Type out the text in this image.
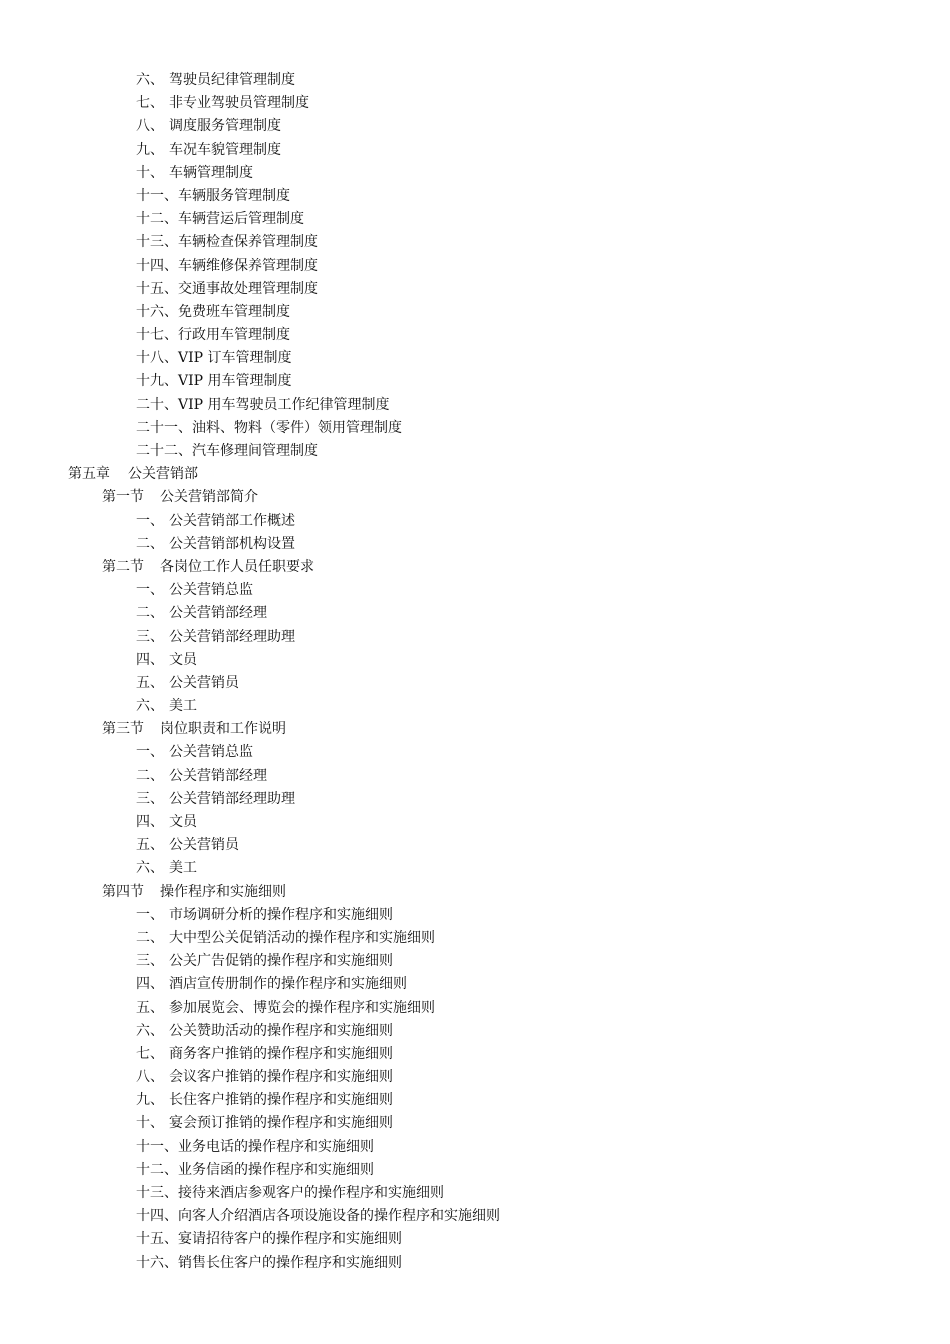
六、 驾驶员纪律管理制度
七、 非专业驾驶员管理制度
八、 调度服务管理制度
九、 车况车貌管理制度
十、 车辆管理制度
十一、车辆服务管理制度
十二、车辆营运后管理制度
十三、车辆检查保养管理制度
十四、车辆维修保养管理制度
十五、交通事故处理管理制度
十六、免费班车管理制度
十七、行政用车管理制度
十八、VIP 订车管理制度
十九、VIP 用车管理制度
二十、VIP 用车驾驶员工作纪律管理制度
二十一、油料、物料（零件）领用管理制度
二十二、汽车修理间管理制度
第五章 公关营销部
第一节 公关营销部简介
一、 公关营销部工作概述
二、 公关营销部机构设置
第二节 各岗位工作人员任职要求
一、 公关营销总监
二、 公关营销部经理
三、 公关营销部经理助理
四、 文员
五、 公关营销员
六、 美工
第三节 岗位职责和工作说明
一、 公关营销总监
二、 公关营销部经理
三、 公关营销部经理助理
四、 文员
五、 公关营销员
六、 美工
第四节 操作程序和实施细则
一、 市场调研分析的操作程序和实施细则
二、 大中型公关促销活动的操作程序和实施细则
三、 公关广告促销的操作程序和实施细则
四、 酒店宣传册制作的操作程序和实施细则
五、 参加展览会、博览会的操作程序和实施细则
六、 公关赞助活动的操作程序和实施细则
七、 商务客户推销的操作程序和实施细则
八、 会议客户推销的操作程序和实施细则
九、 长住客户推销的操作程序和实施细则
十、 宴会预订推销的操作程序和实施细则
十一、业务电话的操作程序和实施细则
十二、业务信函的操作程序和实施细则
十三、接待来酒店参观客户的操作程序和实施细则
十四、向客人介绍酒店各项设施设备的操作程序和实施细则
十五、宴请招待客户的操作程序和实施细则
十六、销售长住客户的操作程序和实施细则
